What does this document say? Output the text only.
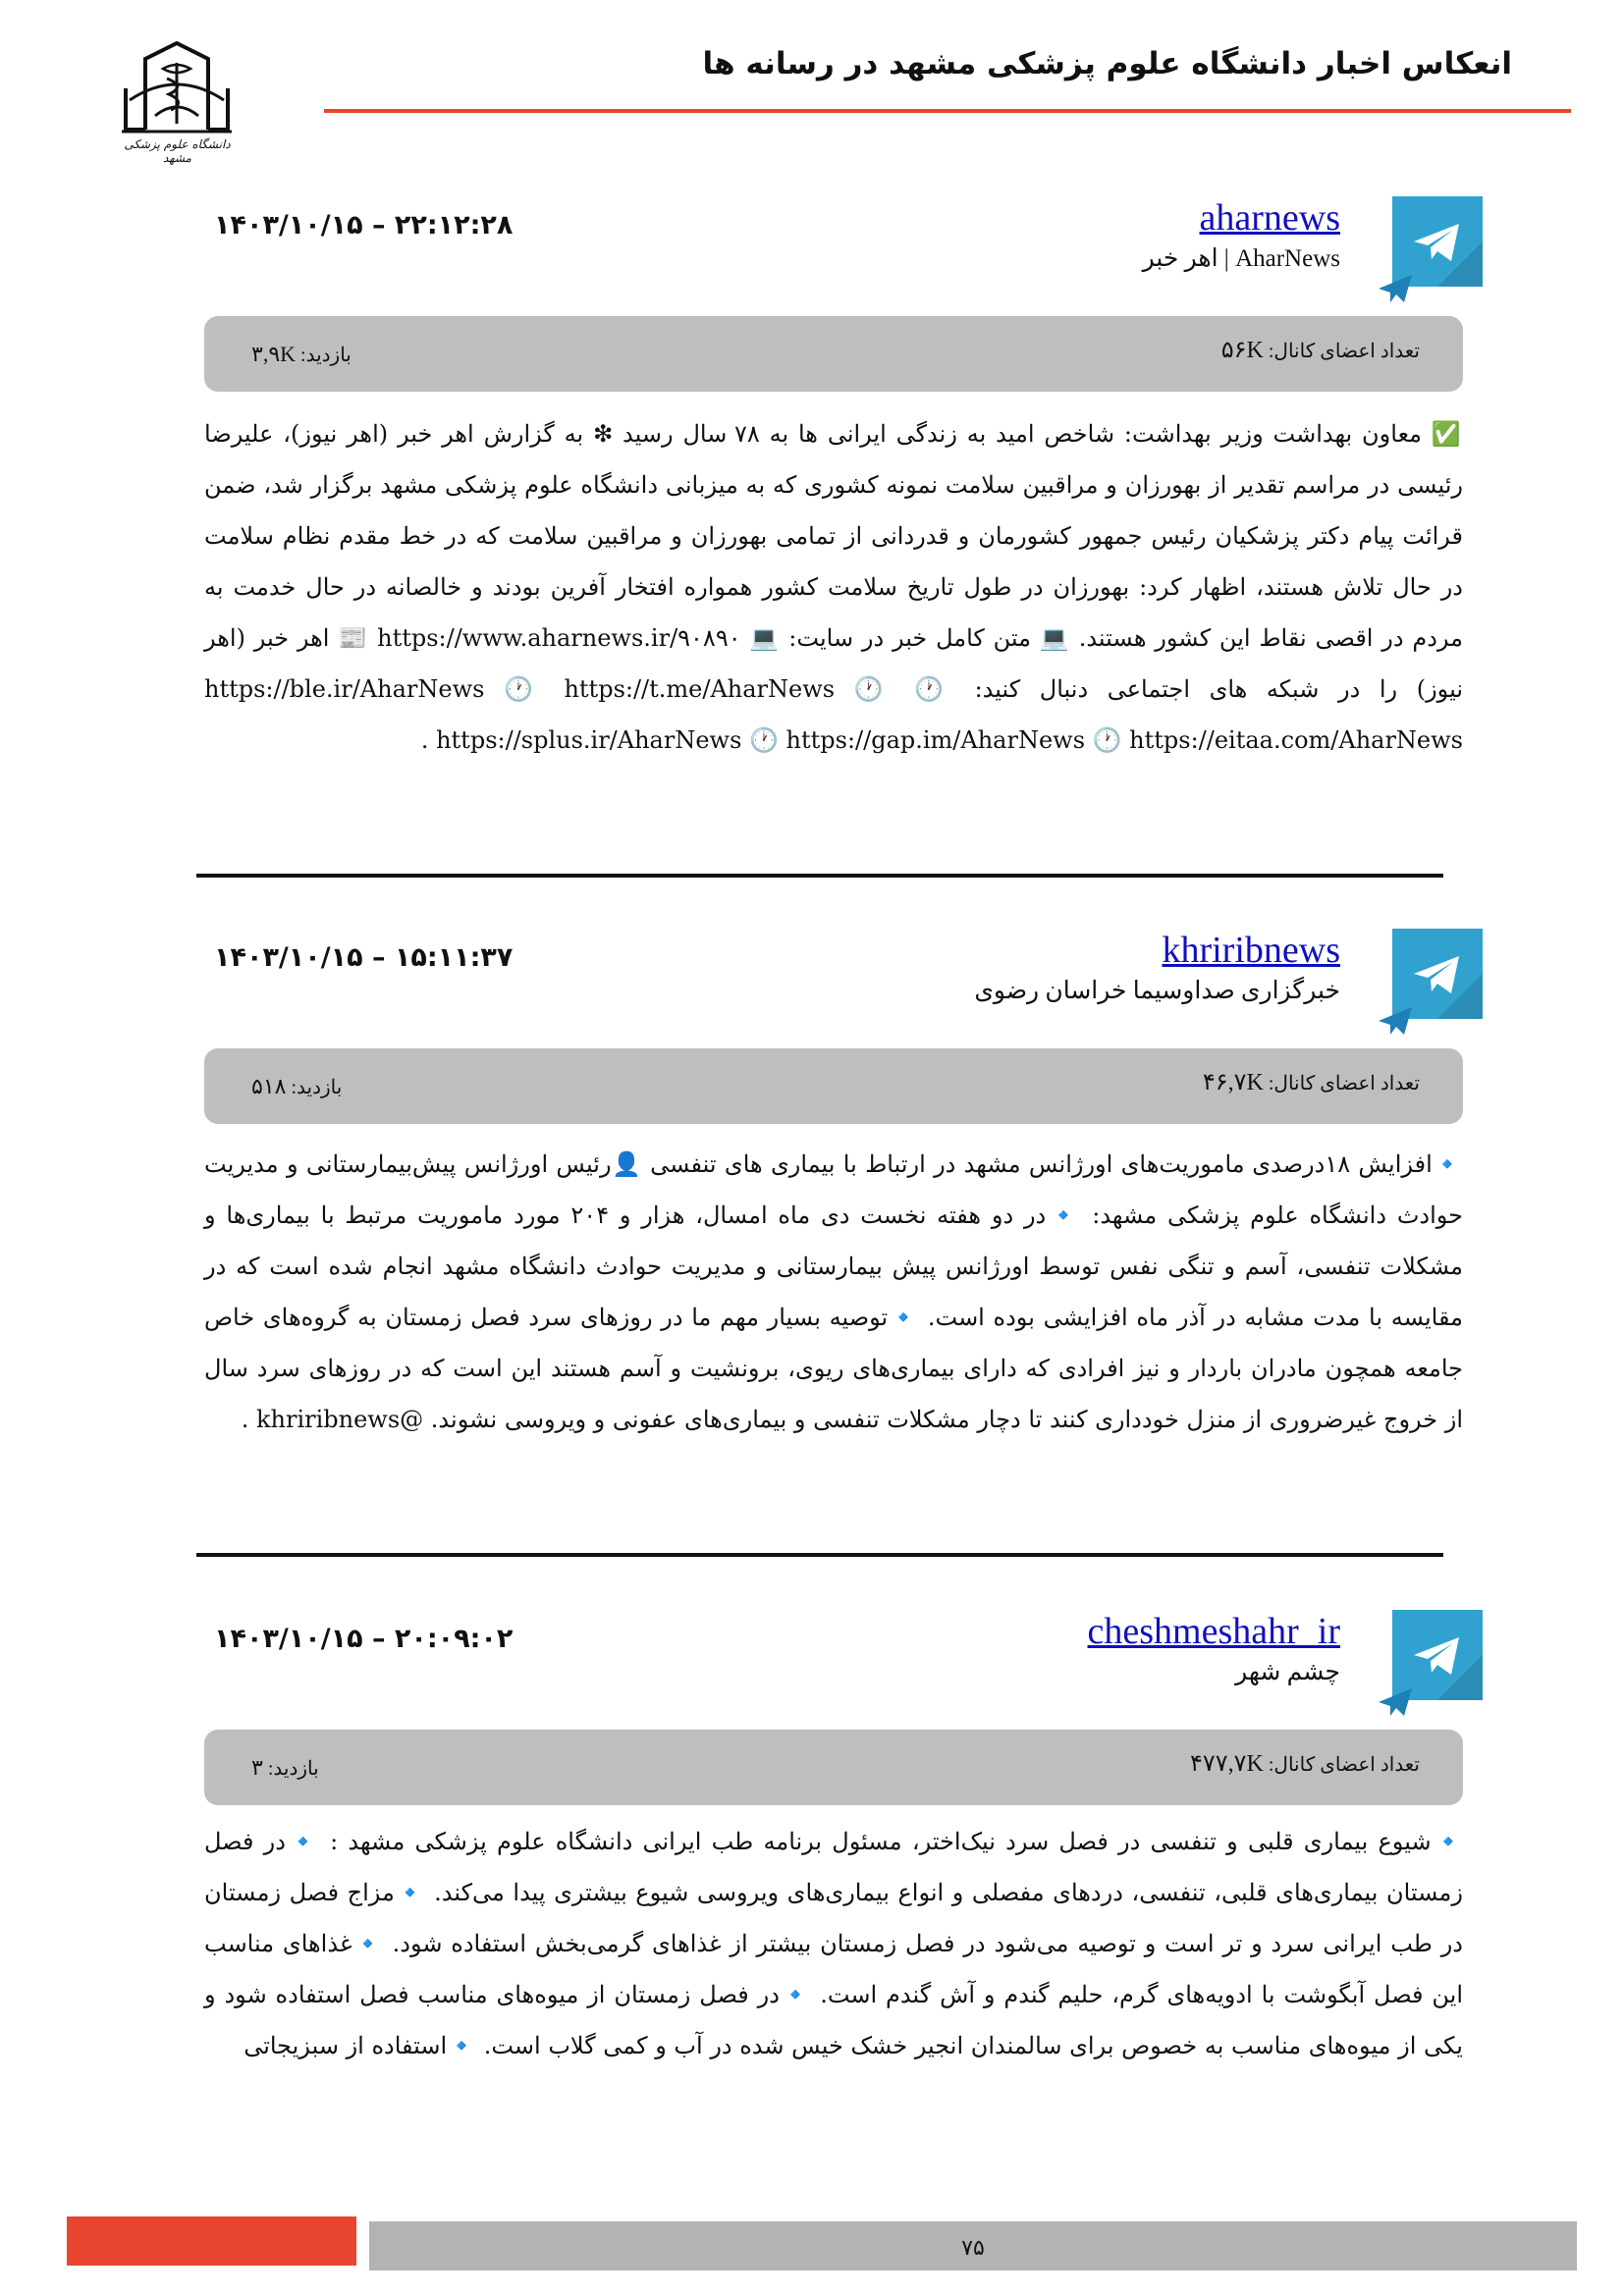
انعکاس اخبار دانشگاه علوم پزشکی مشهد در رسانه ها
دانشگاه علوم پزشکی مشهد
aharnews
AharNews | اهر خبر
۱۴۰۳/۱۰/۱۵ – ۲۲:۱۲:۲۸
تعداد اعضای کانال: ۵۶K
بازدید: ۳,۹K
✅ معاون بهداشت وزیر بهداشت: شاخص امید به زندگی ایرانی ها به ۷۸ سال رسید ❇ به گزارش اهر خبر (اهر نیوز)، علیرضا رئیسی در مراسم تقدیر از بهورزان و مراقبین سلامت نمونه کشوری که به میزبانی دانشگاه علوم پزشکی مشهد برگزار شد، ضمن قرائت پیام دکتر پزشکیان رئیس جمهور کشورمان و قدردانی از تمامی بهورزان و مراقبین سلامت که در خط مقدم نظام سلامت در حال تلاش هستند، اظهار کرد: بهورزان در طول تاریخ سلامت کشور همواره افتخار آفرین بودند و خالصانه در حال خدمت به مردم در اقصی نقاط این کشور هستند. 💻 متن کامل خبر در سایت: 💻 https://www.aharnews.ir/۹۰۸۹۰ 📰 اهر خبر (اهر نیوز) را در شبکه های اجتماعی دنبال کنید: 🕐 https://ble.ir/AharNews 🕐 https://t.me/AharNews 🕐 https://splus.ir/AharNews 🕐 https://gap.im/AharNews 🕐 https://eitaa.com/AharNews .
khriribnews
خبرگزاری صداوسیما خراسان رضوی
۱۴۰۳/۱۰/۱۵ – ۱۵:۱۱:۳۷
تعداد اعضای کانال: ۴۶,۷K
بازدید: ۵۱۸
🔹افزایش ۱۸درصدی ماموریت‌های اورژانس مشهد در ارتباط با بیماری های تنفسی 👤رئیس اورژانس پیش‌بیمارستانی و مدیریت حوادث دانشگاه علوم پزشکی مشهد: 🔹در دو هفته نخست دی ماه امسال، هزار و ۲۰۴ مورد ماموریت مرتبط با بیماری‌ها و مشکلات تنفسی، آسم و تنگی نفس توسط اورژانس پیش بیمارستانی و مدیریت حوادث دانشگاه مشهد انجام شده است که در مقایسه با مدت مشابه در آذر ماه افزایشی بوده است. 🔹توصیه بسیار مهم ما در روزهای سرد فصل زمستان به گروه‌های خاص جامعه همچون مادران باردار و نیز افرادی که دارای بیماری‌های ریوی، برونشیت و آسم هستند این است که در روزهای سرد سال از خروج غیرضروری از منزل خودداری کنند تا دچار مشکلات تنفسی و بیماری‌های عفونی و ویروسی نشوند. @khriribnews .
cheshmeshahr_ir
چشم شهر
۱۴۰۳/۱۰/۱۵ – ۲۰:۰۹:۰۲
تعداد اعضای کانال: ۴۷۷,۷K
بازدید: ۳
🔹شیوع بیماری قلبی و تنفسی در فصل سرد نیک‌اختر، مسئول برنامه طب ایرانی دانشگاه علوم پزشکی مشهد : 🔹در فصل زمستان بیماری‌های قلبی، تنفسی، دردهای مفصلی و انواع بیماری‌های ویروسی شیوع بیشتری پیدا می‌کند. 🔹مزاج فصل زمستان در طب ایرانی سرد و تر است و توصیه می‌شود در فصل زمستان بیشتر از غذاهای گرمی‌بخش استفاده شود. 🔹غذاهای مناسب این فصل آبگوشت با ادویه‌های گرم، حلیم گندم و آش گندم است. 🔹در فصل زمستان از میوه‌های مناسب فصل استفاده شود و یکی از میوه‌های مناسب به خصوص برای سالمندان انجیر خشک خیس شده در آب و کمی گلاب است. 🔹استفاده از سبزیجاتی
۷۵
